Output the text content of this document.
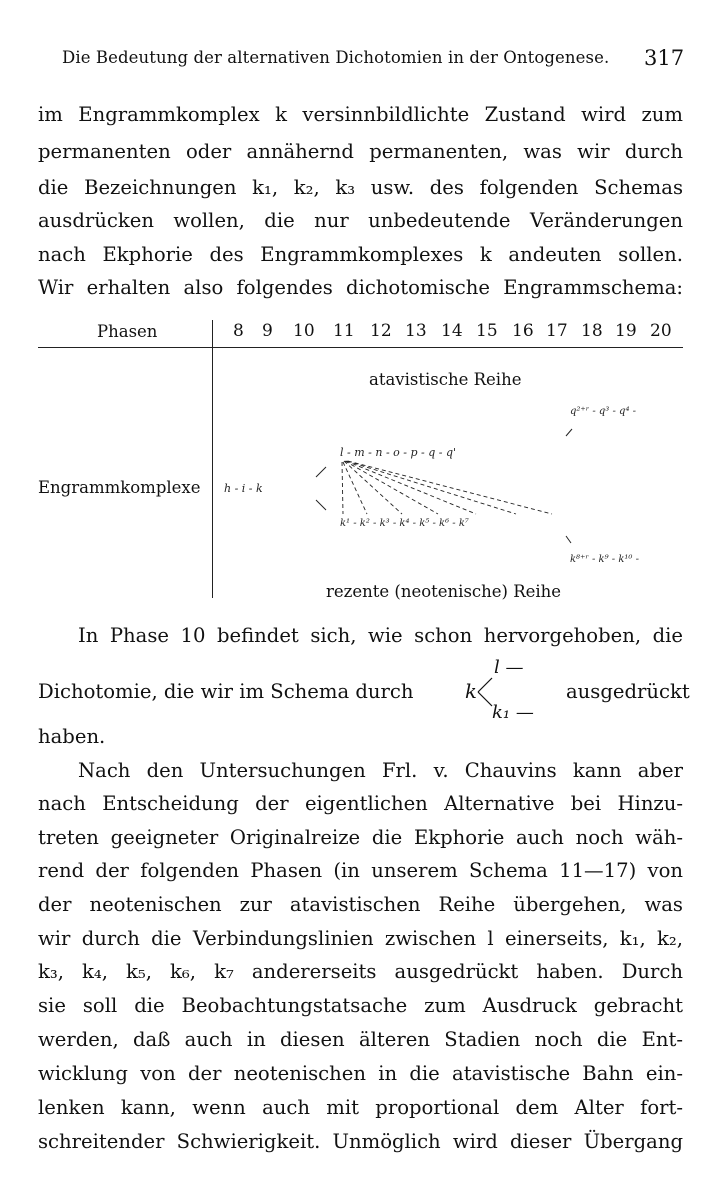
Die Bedeutung der alternativen Dichotomien in der Ontogenese. 317
im Engrammkomplex k versinnbildlichte Zustand wird zum
permanenten oder annähernd permanenten, was wir durch
die Bezeichnungen k₁, k₂, k₃ usw. des folgenden Schemas
ausdrücken wollen, die nur unbedeutende Veränderungen
nach Ekphorie des Engrammkomplexes k andeuten sollen.
Wir erhalten also folgendes dichotomische Engrammschema:
Phasen	8 9 10 11 12 13 14 15 16 17 18 19 20
Engrammkomplexe
atavistische Reihe
rezente (neotenische) Reihe
h - i - k
l - m - n - o - p - q - q'
q²⁺ʳ - q³ - q⁴ -
k¹ - k² - k³ - k⁴ - k⁵ - k⁶ - k⁷
k⁸⁺ʳ - k⁹ - k¹⁰ -
In Phase 10 befindet sich, wie schon hervorgehoben, die
Dichotomie, die wir im Schema durch	k
l —
k₁ —
ausgedrückt
haben.
Nach den Untersuchungen Frl. v. Chauvins kann aber
nach Entscheidung der eigentlichen Alternative bei Hinzu-
treten geeigneter Originalreize die Ekphorie auch noch wäh-
rend der folgenden Phasen (in unserem Schema 11—17) von
der neotenischen zur atavistischen Reihe übergehen, was
wir durch die Verbindungslinien zwischen l einerseits, k₁, k₂,
k₃, k₄, k₅, k₆, k₇ andererseits ausgedrückt haben. Durch
sie soll die Beobachtungstatsache zum Ausdruck gebracht
werden, daß auch in diesen älteren Stadien noch die Ent-
wicklung von der neotenischen in die atavistische Bahn ein-
lenken kann, wenn auch mit proportional dem Alter fort-
schreitender Schwierigkeit. Unmöglich wird dieser Übergang
